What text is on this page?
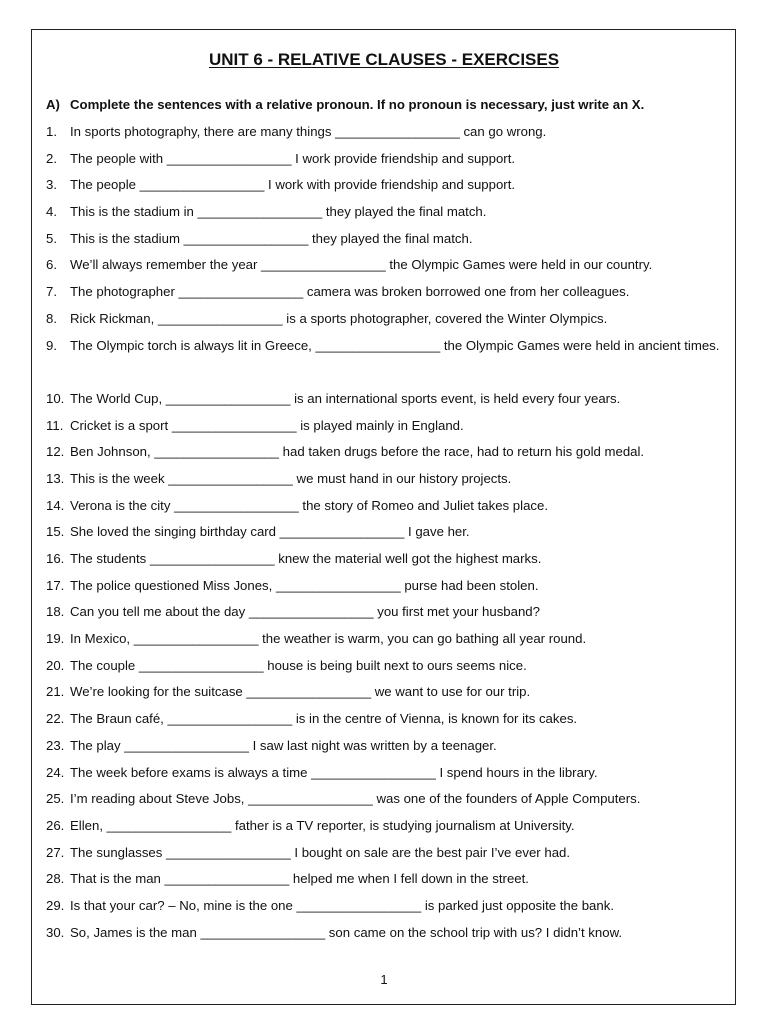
UNIT 6 - RELATIVE CLAUSES - EXERCISES
A) Complete the sentences with a relative pronoun. If no pronoun is necessary, just write an X.
1. In sports photography, there are many things _________________ can go wrong.
2. The people with _________________ I work provide friendship and support.
3. The people _________________ I work with provide friendship and support.
4. This is the stadium in _________________ they played the final match.
5. This is the stadium _________________ they played the final match.
6. We’ll always remember the year _________________ the Olympic Games were held in our country.
7. The photographer _________________ camera was broken borrowed one from her colleagues.
8. Rick Rickman, _________________ is a sports photographer, covered the Winter Olympics.
9. The Olympic torch is always lit in Greece, _________________ the Olympic Games were held in ancient times.
10. The World Cup, _________________ is an international sports event, is held every four years.
11. Cricket is a sport _________________ is played mainly in England.
12. Ben Johnson, _________________ had taken drugs before the race, had to return his gold medal.
13. This is the week _________________ we must hand in our history projects.
14. Verona is the city _________________ the story of Romeo and Juliet takes place.
15. She loved the singing birthday card _________________ I gave her.
16. The students _________________ knew the material well got the highest marks.
17. The police questioned Miss Jones, _________________ purse had been stolen.
18. Can you tell me about the day _________________ you first met your husband?
19. In Mexico, _________________ the weather is warm, you can go bathing all year round.
20. The couple _________________ house is being built next to ours seems nice.
21. We’re looking for the suitcase _________________ we want to use for our trip.
22. The Braun café, _________________ is in the centre of Vienna, is known for its cakes.
23. The play _________________ I saw last night was written by a teenager.
24. The week before exams is always a time _________________ I spend hours in the library.
25. I’m reading about Steve Jobs, _________________ was one of the founders of Apple Computers.
26. Ellen, _________________ father is a TV reporter, is studying journalism at University.
27. The sunglasses _________________ I bought on sale are the best pair I’ve ever had.
28. That is the man _________________ helped me when I fell down in the street.
29. Is that your car? – No, mine is the one _________________ is parked just opposite the bank.
30. So, James is the man _________________ son came on the school trip with us? I didn’t know.
1
